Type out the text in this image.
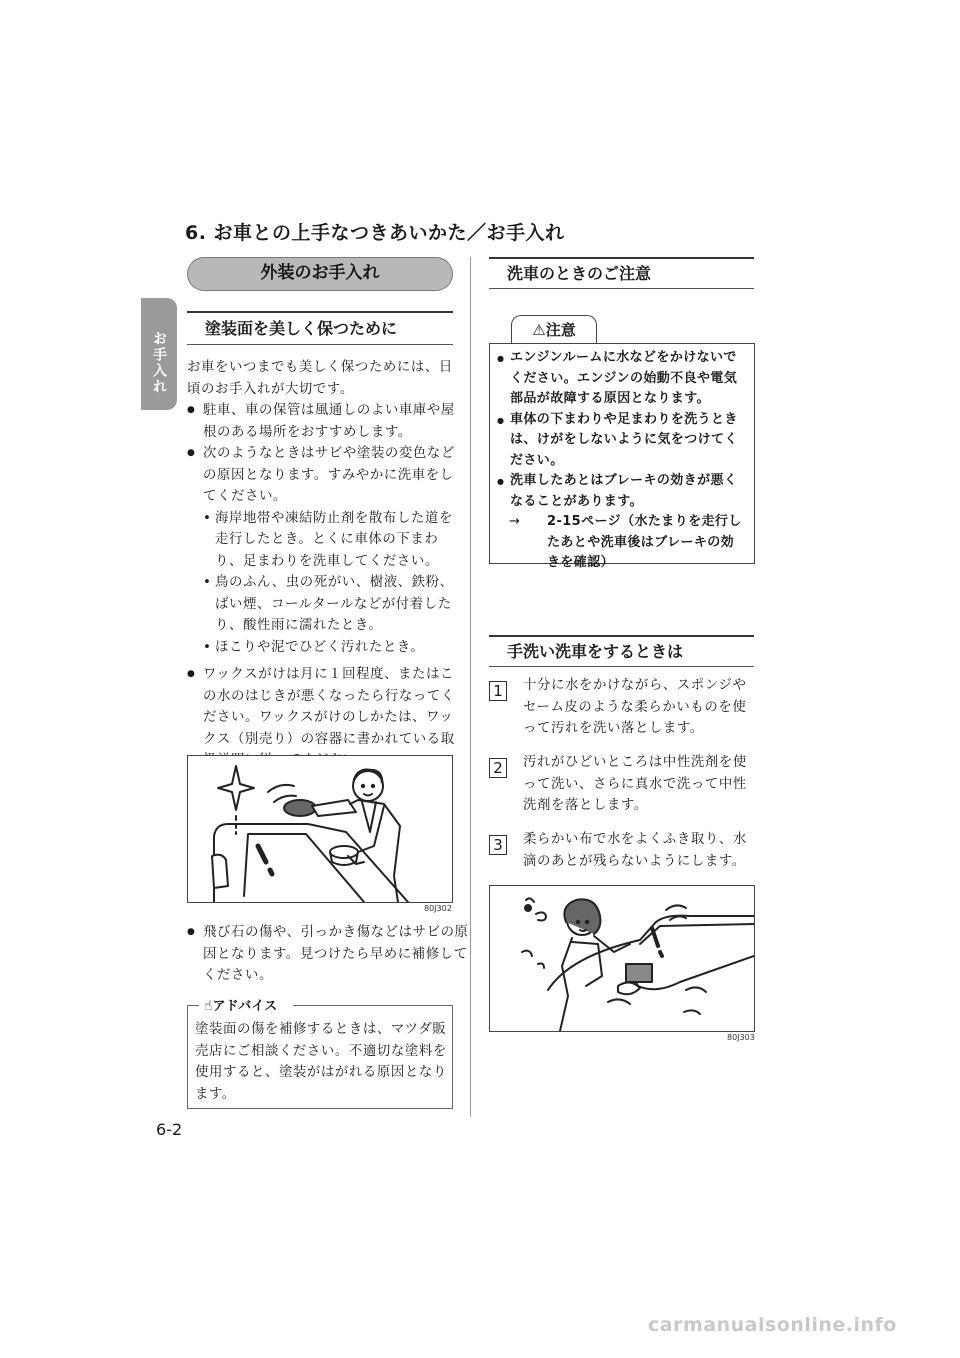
お手入れ
6. お車との上手なつきあいかた／お手入れ
外装のお手入れ
塗装面を美しく保つために

お車をいつまでも美しく保つためには、日頃のお手入れが大切です。

● 駐車、車の保管は風通しのよい車庫や屋根のある場所をおすすめします。

● 次のようなときはサビや塗装の変色などの原因となります。すみやかに洗車をしてください。

• 海岸地帯や凍結防止剤を散布した道を走行したとき。とくに車体の下まわり、足まわりを洗車してください。

• 鳥のふん、虫の死がい、樹液、鉄粉、ばい煙、コールタールなどが付着したり、酸性雨に濡れたとき。

• ほこりや泥でひどく汚れたとき。

● ワックスがけは月に１回程度、またはこの水のはじきが悪くなったら行なってください。ワックスがけのしかたは、ワックス（別売り）の容器に書かれている取

80J302
● 飛び石の傷や、引っかき傷などはサビの原因となります。見つけたら早めに補修してください。
☝アドバイス
塗装面の傷を補修するときは、マツダ販売店にご相談ください。不適切な塗料を使用すると、塗装がはがれる原因となります。
洗車のときのご注意
⚠注意
● エンジンルームに水などをかけないでください。エンジンの始動不良や電気部品が故障する原因となります。
● 車体の下まわりや足まわりを洗うときは、けがをしないように気をつけてください。
● 洗車したあとはブレーキの効きが悪くなることがあります。
→ 2-15ページ（水たまりを走行したあとや洗車後はブレーキの効きを確認）
手洗い洗車をするときは
1	十分に水をかけながら、スポンジやセーム皮のような柔らかいものを使って汚れを洗い落とします。
2	汚れがひどいところは中性洗剤を使って洗い、さらに真水で洗って中性洗剤を落とします。
3	柔らかい布で水をよくふき取り、水滴のあとが残らないようにします。
80J303
6-2
carmanualsonline.info
